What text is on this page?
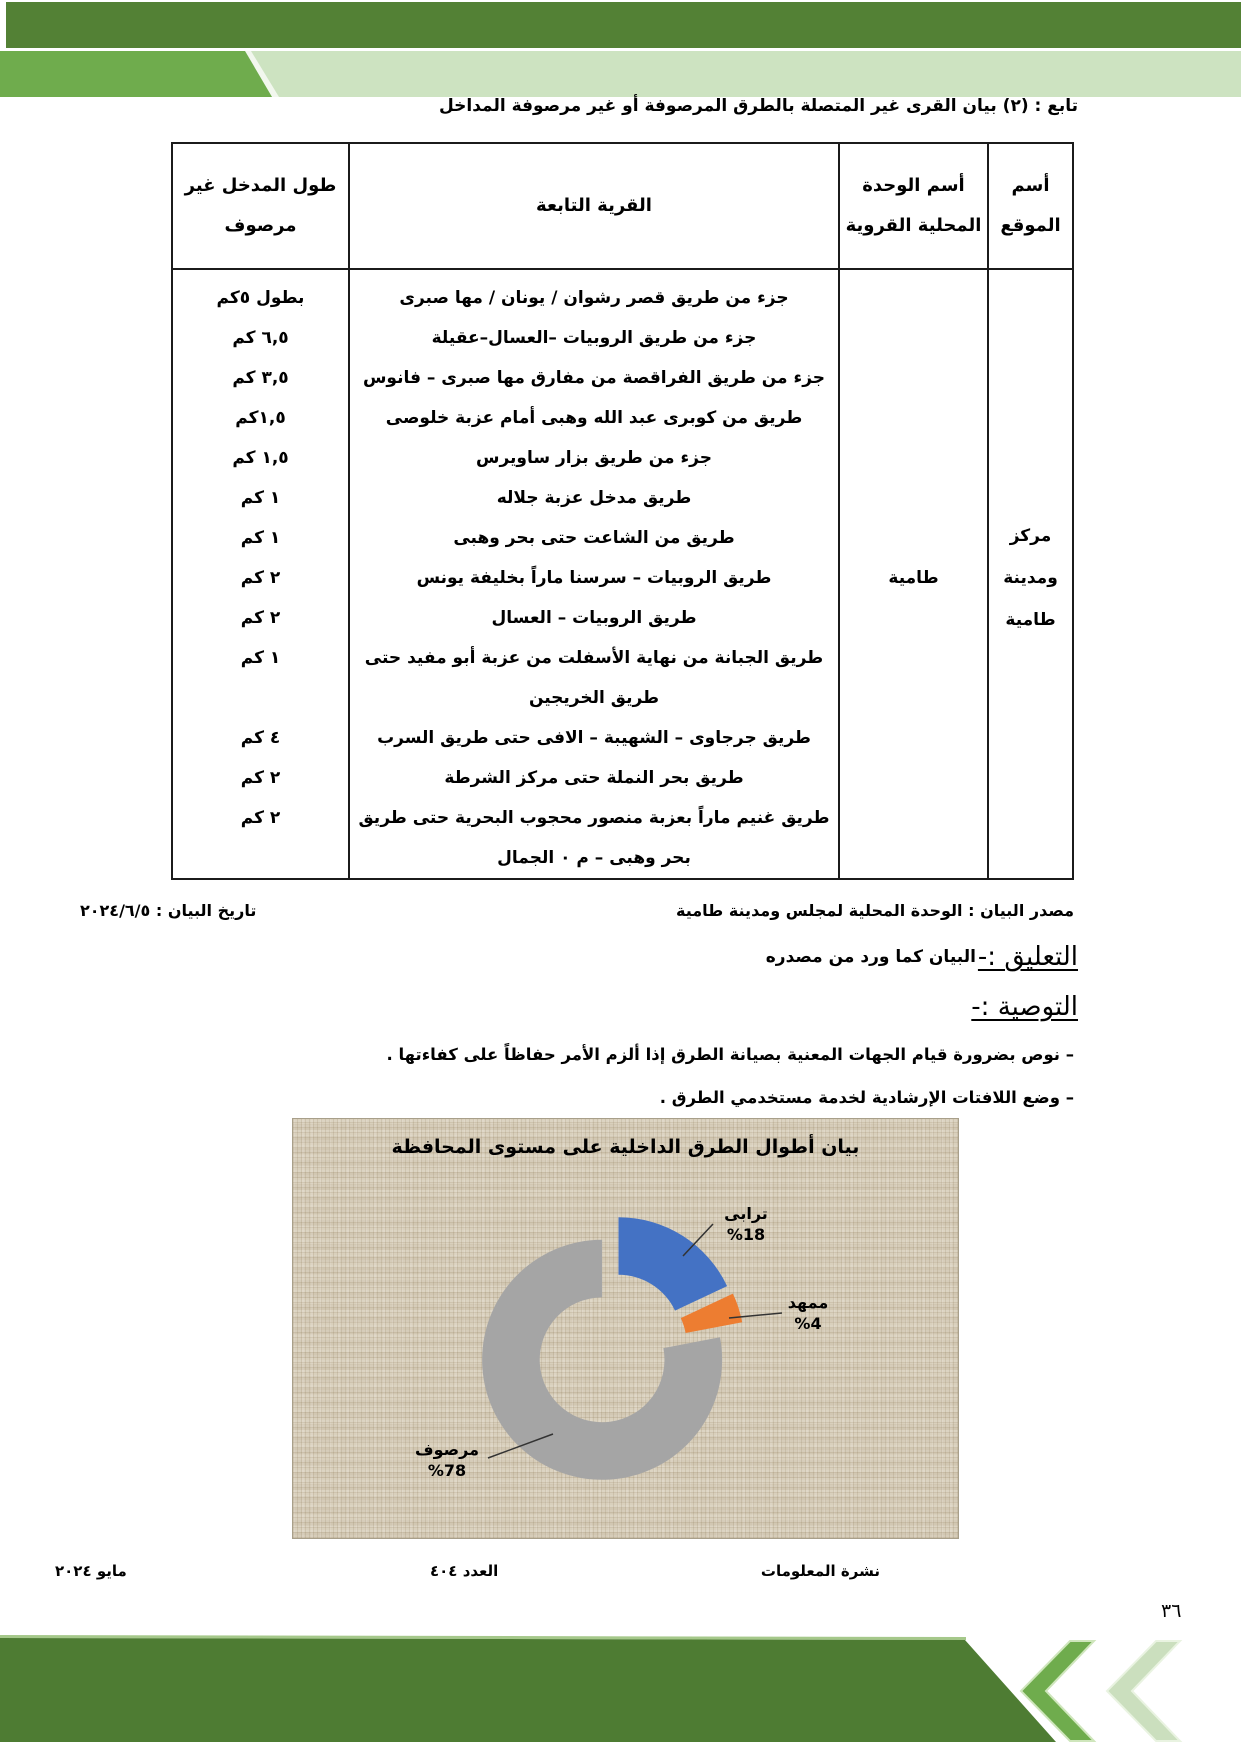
تابع : (٢) بيان القرى غير المتصلة بالطرق المرصوفة أو غير مرصوفة المداخل
أسم الموقع	أسم الوحدة المحلية القروية	القرية التابعة	طول المدخل غير مرصوف
مركز ومدينة طامية	طامية	جزء من طريق قصر رشوان / يونان / مها صبرى	بطول ٥كم
		جزء من طريق الروبيات –العسال–عقيلة	٦,٥ كم
		جزء من طريق الفراقصة من مفارق مها صبرى – فانوس	٣,٥ كم
		طريق من كوبرى عبد الله وهبى أمام عزبة خلوصى	١,٥كم
		جزء من طريق بزار ساويرس	١,٥ كم
		طريق مدخل عزبة جلاله	١ كم
		طريق من الشاعت حتى بحر وهبى	١ كم
		طريق الروبيات – سرسنا ماراً بخليفة يونس	٢ كم
		طريق الروبيات – العسال	٢ كم
		طريق الجبانة من نهاية الأسفلت من عزبة أبو مفيد حتى طريق الخريجين	١ كم
		طريق جرجاوى – الشهيبة – الافى حتى طريق السرب	٤ كم
		طريق بحر النملة حتى مركز الشرطة	٢ كم
		طريق غنيم ماراً بعزبة منصور محجوب البحرية حتى طريق بحر وهبى – م ٠ الجمال	٢ كم
مصدر البيان : الوحدة المحلية لمجلس ومدينة طامية
تاريخ البيان : ٢٠٢٤/٦/٥
التعليق :-
البيان كما ورد من مصدره
التوصية :-
– نوص بضرورة قيام الجهات المعنية بصيانة الطرق إذا ألزم الأمر حفاظاً على كفاءتها .
– وضع اللافتات الإرشادية لخدمة مستخدمي الطرق .
بيان أطوال الطرق الداخلية على مستوى المحافظة
ترابى
%18
ممهد
%4
مرصوف
%78
نشرة المعلومات
العدد ٤٠٤
مايو ٢٠٢٤
٣٦
